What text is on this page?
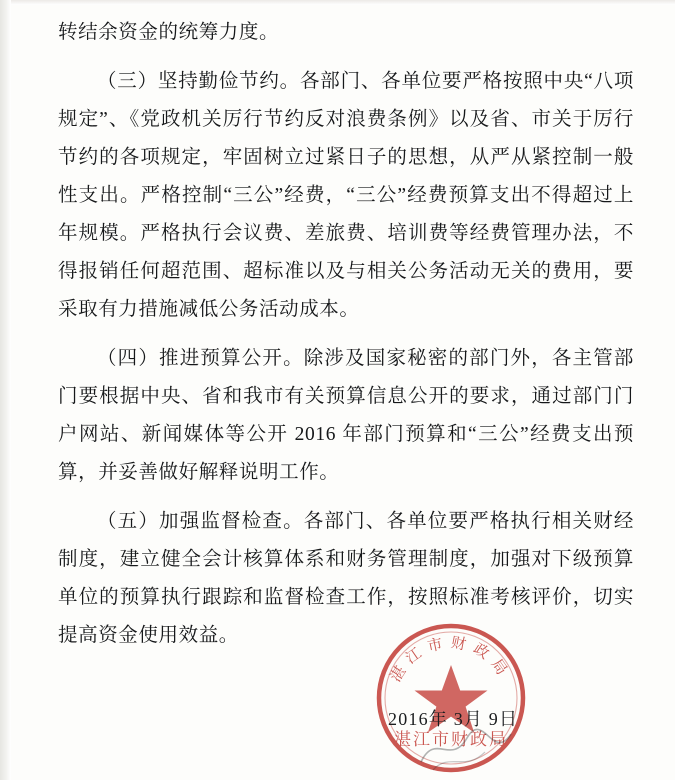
转结余资金的统筹力度。

（三）坚持勤俭节约。各部门、各单位要严格按照中央“八项规定”、《党政机关厉行节约反对浪费条例》以及省、市关于厉行节约的各项规定，牢固树立过紧日子的思想，从严从紧控制一般性支出。严格控制“三公”经费，“三公”经费预算支出不得超过上年规模。严格执行会议费、差旅费、培训费等经费管理办法，不得报销任何超范围、超标准以及与相关公务活动无关的费用，要采取有力措施减低公务活动成本。

（四）推进预算公开。除涉及国家秘密的部门外，各主管部门要根据中央、省和我市有关预算信息公开的要求，通过部门门户网站、新闻媒体等公开 2016 年部门预算和“三公”经费支出预算，并妥善做好解释说明工作。

（五）加强监督检查。各部门、各单位要严格执行相关财经制度，建立健全会计核算体系和财务管理制度，加强对下级预算单位的预算执行跟踪和监督检查工作，按照标准考核评价，切实提高资金使用效益。

湛江市财政局
湛江市财政局
2016年 3月 9日
